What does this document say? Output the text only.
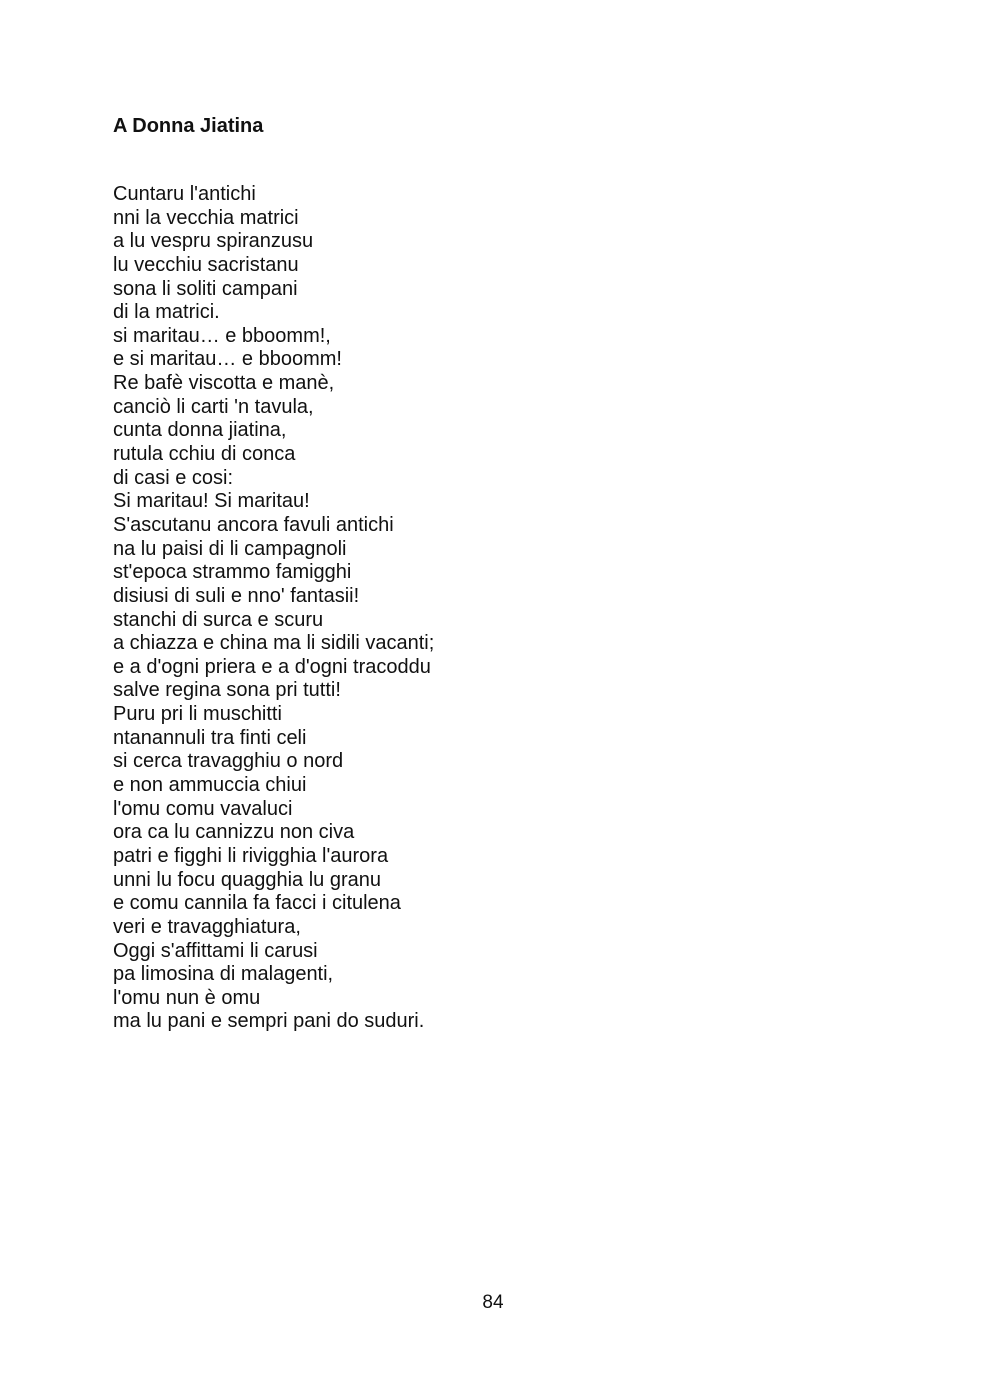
A Donna Jiatina
Cuntaru l'antichi
nni la vecchia matrici
a lu vespru spiranzusu
lu vecchiu sacristanu
sona li soliti campani
di la matrici.
si maritau… e bboomm!,
e si maritau… e bboomm!
Re bafè viscotta e manè,
canciò li carti 'n tavula,
cunta donna jiatina,
rutula cchiu di conca
di casi e cosi:
Si maritau! Si maritau!
S'ascutanu ancora favuli antichi
na lu paisi di li campagnoli
st'epoca strammo famigghi
disiusi di suli e nno' fantasii!
stanchi di surca e scuru
a chiazza e china ma li sidili vacanti;
e a d'ogni priera e a d'ogni tracoddu
salve regina sona pri tutti!
Puru pri li muschitti
ntanannuli tra finti celi
si cerca travagghiu o nord
e non ammuccia chiui
l'omu comu vavaluci
ora ca lu cannizzu non civa
patri e figghi li rivigghia l'aurora
unni lu focu quagghia lu granu
e comu cannila fa facci i citulena
veri e travagghiatura,
Oggi s'affittami li carusi
pa limosina di malagenti,
l'omu nun è omu
ma lu pani e sempri pani do suduri.
84
